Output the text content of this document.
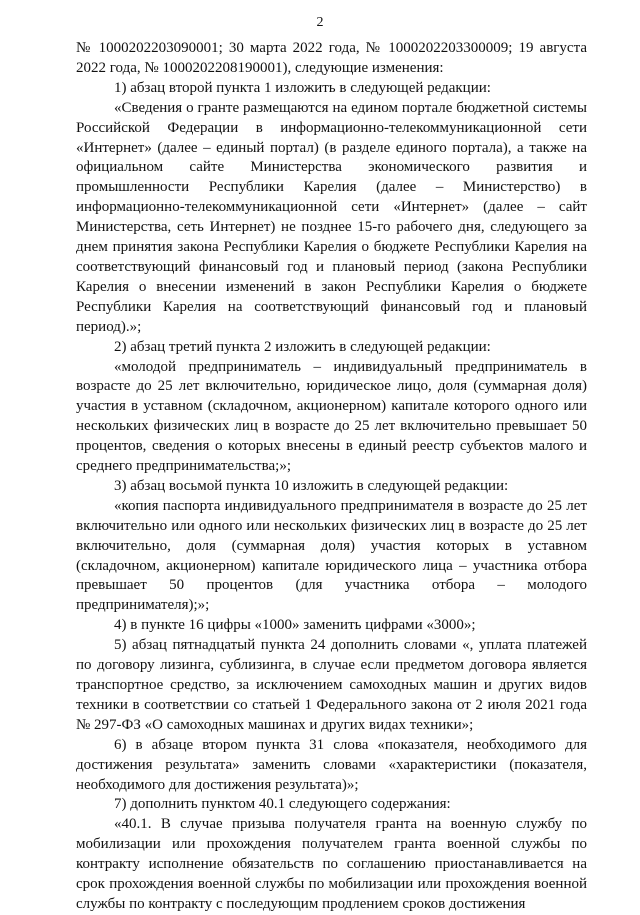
2

№ 1000202203090001; 30 марта 2022 года, № 1000202203300009; 19 августа 2022 года, № 1000202208190001), следующие изменения:

1) абзац второй пункта 1 изложить в следующей редакции:

«Сведения о гранте размещаются на едином портале бюджетной системы Российской Федерации в информационно-телекоммуникационной сети «Интернет» (далее – единый портал) (в разделе единого портала), а также на официальном сайте Министерства экономического развития и промышленности Республики Карелия (далее – Министерство) в информационно-телекоммуникационной сети «Интернет» (далее – сайт Министерства, сеть Интернет) не позднее 15-го рабочего дня, следующего за днем принятия закона Республики Карелия о бюджете Республики Карелия на соответствующий финансовый год и плановый период (закона Республики Карелия о внесении изменений в закон Республики Карелия о бюджете Республики Карелия на соответствующий финансовый год и плановый период).»;

2) абзац третий пункта 2 изложить в следующей редакции:

«молодой предприниматель – индивидуальный предприниматель в возрасте до 25 лет включительно, юридическое лицо, доля (суммарная доля) участия в уставном (складочном, акционерном) капитале которого одного или нескольких физических лиц в возрасте до 25 лет включительно превышает 50 процентов, сведения о которых внесены в единый реестр субъектов малого и среднего предпринимательства;»;

3) абзац восьмой пункта 10 изложить в следующей редакции:

«копия паспорта индивидуального предпринимателя в возрасте до 25 лет включительно или одного или нескольких физических лиц в возрасте до 25 лет включительно, доля (суммарная доля) участия которых в уставном (складочном, акционерном) капитале юридического лица – участника отбора превышает 50 процентов (для участника отбора – молодого предпринимателя);»;

4) в пункте 16 цифры «1000» заменить цифрами «3000»;

5) абзац пятнадцатый пункта 24 дополнить словами «, уплата платежей по договору лизинга, сублизинга, в случае если предметом договора является транспортное средство, за исключением самоходных машин и других видов техники в соответствии со статьей 1 Федерального закона от 2 июля 2021 года № 297-ФЗ «О самоходных машинах и других видах техники»;

6) в абзаце втором пункта 31 слова «показателя, необходимого для достижения результата» заменить словами «характеристики (показателя, необходимого для достижения результата)»;

7) дополнить пунктом 40.1 следующего содержания:

«40.1. В случае призыва получателя гранта на военную службу по мобилизации или прохождения получателем гранта военной службы по контракту исполнение обязательств по соглашению приостанавливается на срок прохождения военной службы по мобилизации или прохождения военной службы по контракту с последующим продлением сроков достижения
